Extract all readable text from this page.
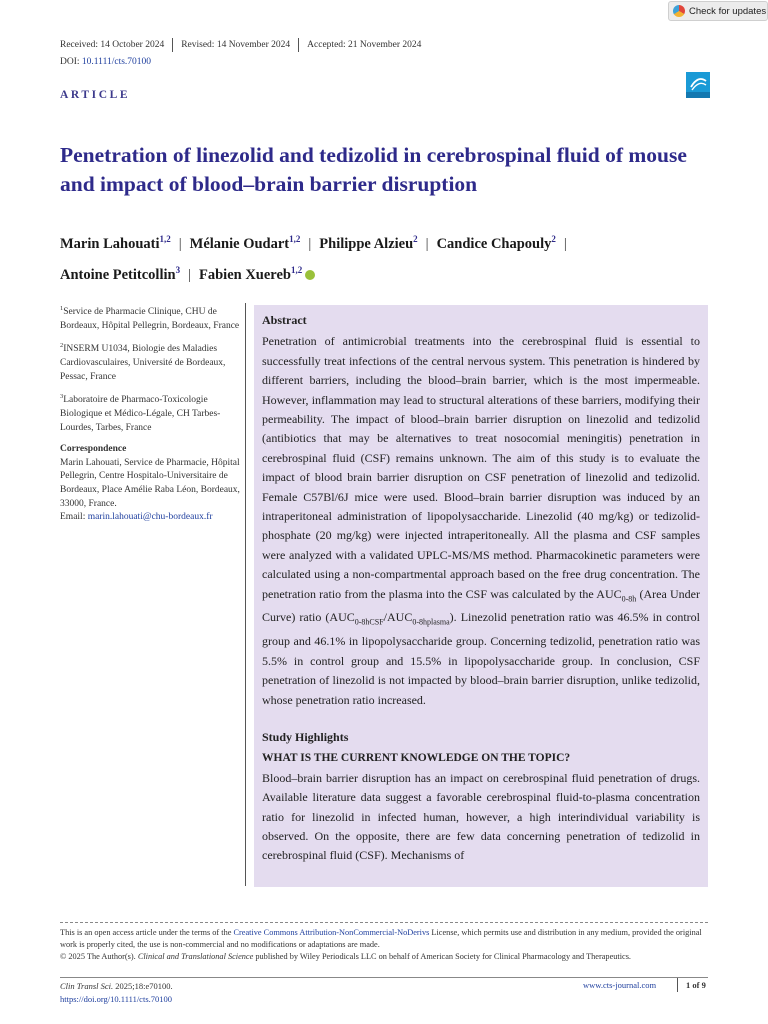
Check for updates
Received: 14 October 2024 Revised: 14 November 2024 Accepted: 21 November 2024
DOI: 10.1111/cts.70100
ARTICLE
Penetration of linezolid and tedizolid in cerebrospinal fluid of mouse and impact of blood–brain barrier disruption
Marin Lahouati$^{1,2}$ | Mélanie Oudart$^{1,2}$ | Philippe Alzieu$^2$ | Candice Chapouly$^2$ |
Antoine Petitcollin$^3$ | Fabien Xuereb$^{1,2}$

$^1$Service de Pharmacie Clinique, CHU de Bordeaux, Hôpital Pellegrin, Bordeaux, France

$^2$INSERM U1034, Biologie des Maladies Cardiovasculaires, Université de Bordeaux, Pessac, France

$^3$Laboratoire de Pharmaco-Toxicologie Biologique et Médico-Légale, CH Tarbes-Lourdes, Tarbes, France

Correspondence

Marin Lahouati, Service de Pharmacie, Hôpital Pellegrin, Centre Hospitalo-Universitaire de Bordeaux, Place Amélie Raba Léon, Bordeaux, 33000, France.
Email: marin.lahouati@chu-bordeaux.fr

Abstract

Penetration of antimicrobial treatments into the cerebrospinal fluid is essential to successfully treat infections of the central nervous system. This penetration is hindered by different barriers, including the blood–brain barrier, which is the most impermeable. However, inflammation may lead to structural alterations of these barriers, modifying their permeability. The impact of blood–brain barrier disruption on linezolid and tedizolid (antibiotics that may be alternatives to treat nosocomial meningitis) penetration in cerebrospinal fluid (CSF) remains unknown. The aim of this study is to evaluate the impact of blood brain barrier disruption on CSF penetration of linezolid and tedizolid. Female C57Bl/6J mice were used. Blood–brain barrier disruption was induced by an intraperitoneal administration of lipopolysaccharide. Linezolid (40 mg/kg) or tedizolid-phosphate (20 mg/kg) were injected intraperitoneally. All the plasma and CSF samples were analyzed with a validated UPLC-MS/MS method. Pharmacokinetic parameters were calculated using a non-compartmental approach based on the free drug concentration. The penetration ratio from the plasma into the CSF was calculated by the $AUC_{0-8h}$ (Area Under Curve) ratio $(AUC_{0-8hCSF}/AUC_{0-8hplasma})$. Linezolid penetration ratio was 46.5% in control group and 46.1% in lipopolysaccharide group. Concerning tedizolid, penetration ratio was 5.5% in control group and 15.5% in lipopolysaccharide group. In conclusion, CSF penetration of linezolid is not impacted by blood–brain barrier disruption, unlike tedizolid, whose penetration ratio increased.

Study Highlights

WHAT IS THE CURRENT KNOWLEDGE ON THE TOPIC?

Blood–brain barrier disruption has an impact on cerebrospinal fluid penetration of drugs. Available literature data suggest a favorable cerebrospinal fluid-to-plasma concentration ratio for linezolid in infected human, however, a high interindividual variability is observed. On the opposite, there are few data concerning penetration of tedizolid in cerebrospinal fluid (CSF). Mechanisms of

This is an open access article under the terms of the Creative Commons Attribution-NonCommercial-NoDerivs License, which permits use and distribution in any medium, provided the original work is properly cited, the use is non-commercial and no modifications or adaptations are made.

© 2025 The Author(s). Clinical and Translational Science published by Wiley Periodicals LLC on behalf of American Society for Clinical Pharmacology and Therapeutics.

Clin Transl Sci. 2025;18:e70100.
https://doi.org/10.1111/cts.70100
www.cts-journal.com	1 of 9
